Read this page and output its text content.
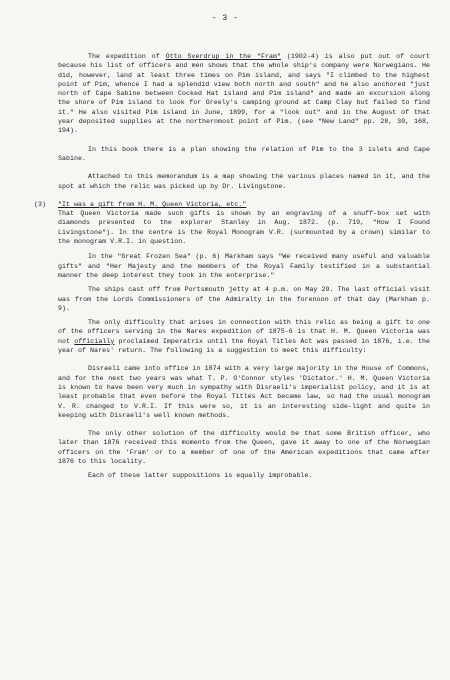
- 3 -

The expedition of Otto Sverdrup in the "Fram" (1902-4) is also put out of court because his list of officers and men shows that the whole ship's company were Norwegians. He did, however, land at least three times on Pim island, and says "I climbed to the highest point of Pim, whence I had a splendid view both north and south" and he also anchored "just north of Cape Sabine between Cocked Hat island and Pim island" and made an excursion along the shore of Pim island to look for Greely's camping ground at Camp Clay but failed to find it." He also visited Pim island in June, 1899, for a "look out" and in the August of that year deposited supplies at the northernmost point of Pim. (see "New Land" pp. 28, 30, 168, 194).

In this book there is a plan showing the relation of Pim to the 3 islets and Cape Sabine.

Attached to this memorandum is a map showing the various places named in it, and the spot at which the relic was picked up by Dr. Livingstone.

(3) "It was a gift from H. M. Queen Victoria, etc."
That Queen Victoria made such gifts is shown by an engraving of a snuff-box set with diamonds presented to the explorer Stanley in Aug. 1872. (p. 719, "How I Found Livingstone"). In the centre is the Royal Monogram V.R. (surmounted by a crown) similar to the monogram V.R.I. in question.

In the "Great Frozen Sea" (p. 6) Markham says "We received many useful and valuable gifts" and "Her Majesty and the members of the Royal Family testified in a substantial manner the deep interest they took in the enterprise."

The ships cast off from Portsmouth jetty at 4 p.m. on May 29. The last official visit was from the Lords Commissioners of the Admiralty in the forenoon of that day (Markham p. 9).

The only difficulty that arises in connection with this relic as being a gift to one of the officers serving in the Nares expedition of 1875-6 is that H. M. Queen Victoria was not officially proclaimed Imperatrix until the Royal Titles Act was passed in 1876, i.e. the year of Nares' return. The following is a suggestion to meet this difficulty:

Disraeli came into office in 1874 with a very large majority in the House of Commons, and for the next two years was what T. P. O'Connor styles 'Dictator.' H. M. Queen Victoria is known to have been very much in sympathy with Disraeli's imperialist policy, and it is at least probable that even before the Royal Titles Act became law, so had the usual monogram V. R. changed to V.R.I. If this were so, it is an interesting side-light and quite in keeping with Disraeli's well known methods.

The only other solution of the difficulty would be that some British officer, who later than 1876 received this momento from the Queen, gave it away to one of the Norwegian officers on the 'Fram' or to a member of one of the American expeditions that came after 1876 to this locality.

Each of these latter suppositions is equally improbable.
